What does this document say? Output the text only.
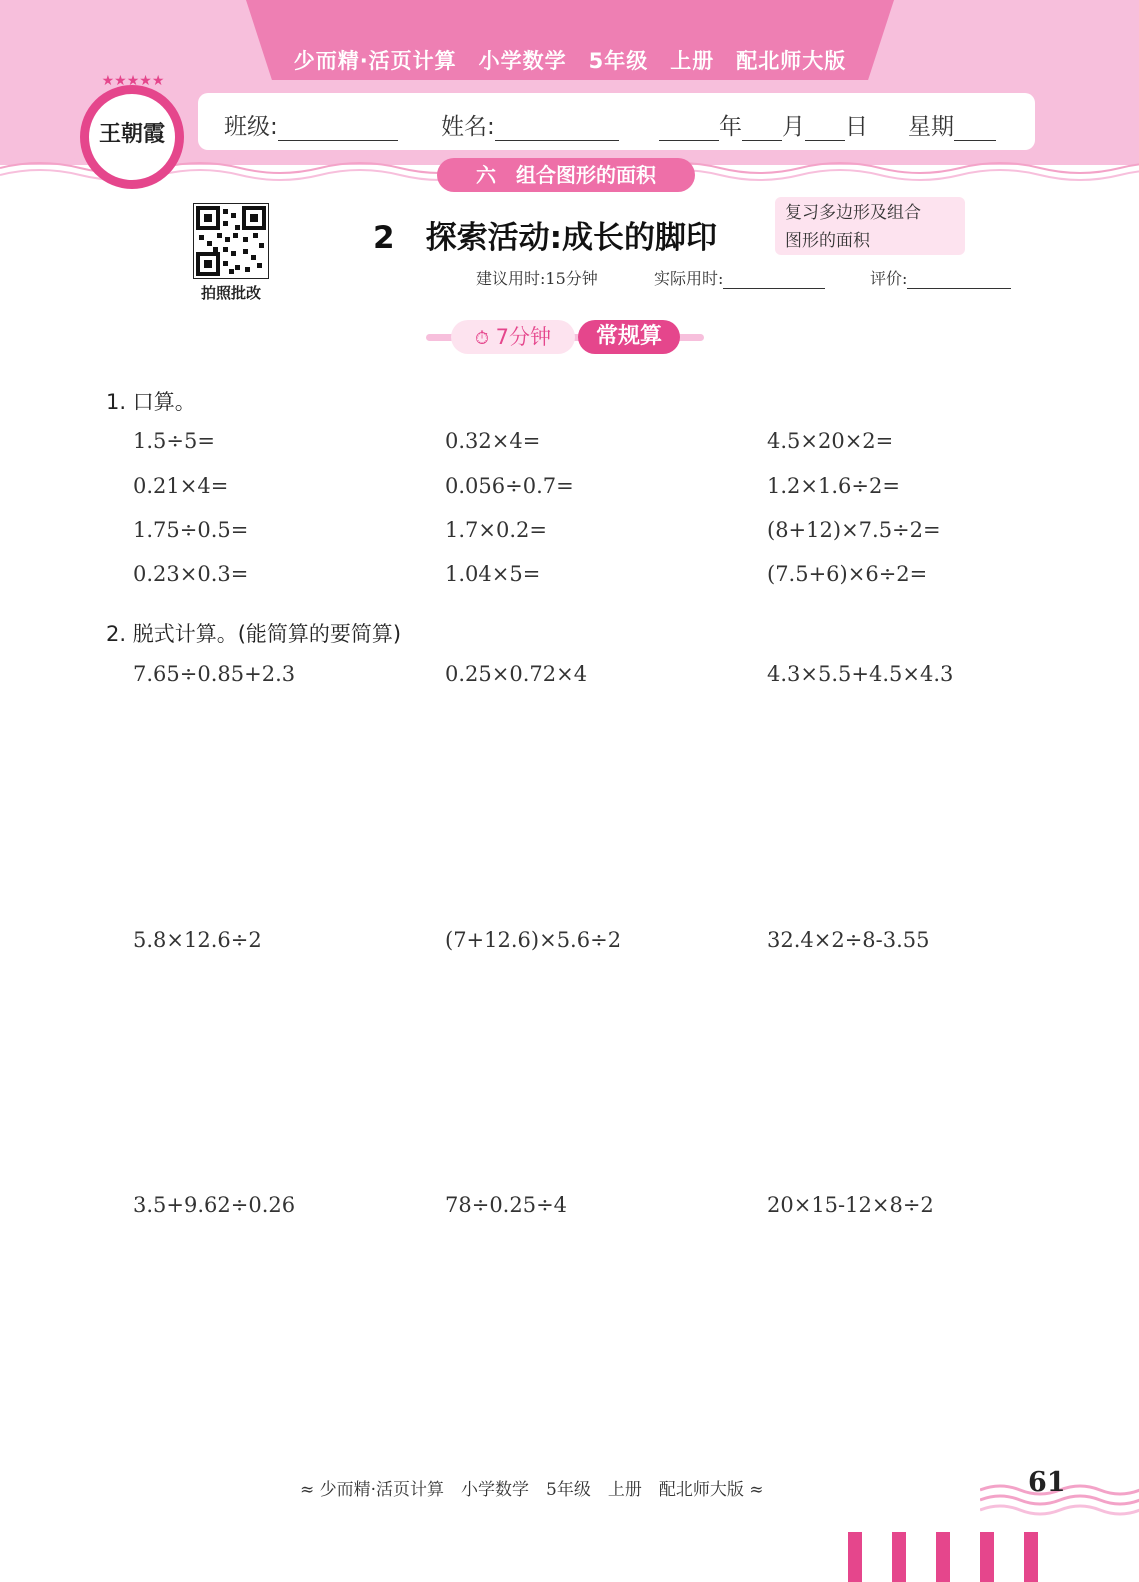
少而精·活页计算　小学数学　5年级　上册　配北师大版
★★★★★
王朝霞	班级:	姓名:	年 月 日 星期
六　组合图形的面积
拍照批改
2　探索活动:成长的脚印
复习多边形及组合
图形的面积
建议用时:15分钟	实际用时:	评价:
⏱ 7分钟	常规算
1. 口算。
1.5÷5=	0.32×4=	4.5×20×2=
0.21×4=	0.056÷0.7=	1.2×1.6÷2=
1.75÷0.5=	1.7×0.2=	(8+12)×7.5÷2=
0.23×0.3=	1.04×5=	(7.5+6)×6÷2=
2. 脱式计算。(能简算的要简算)
7.65÷0.85+2.3	0.25×0.72×4	4.3×5.5+4.5×4.3
5.8×12.6÷2	(7+12.6)×5.6÷2	32.4×2÷8-3.55
3.5+9.62÷0.26	78÷0.25÷4	20×15-12×8÷2
≈ 少而精·活页计算　小学数学　5年级　上册　配北师大版 ≈	61
